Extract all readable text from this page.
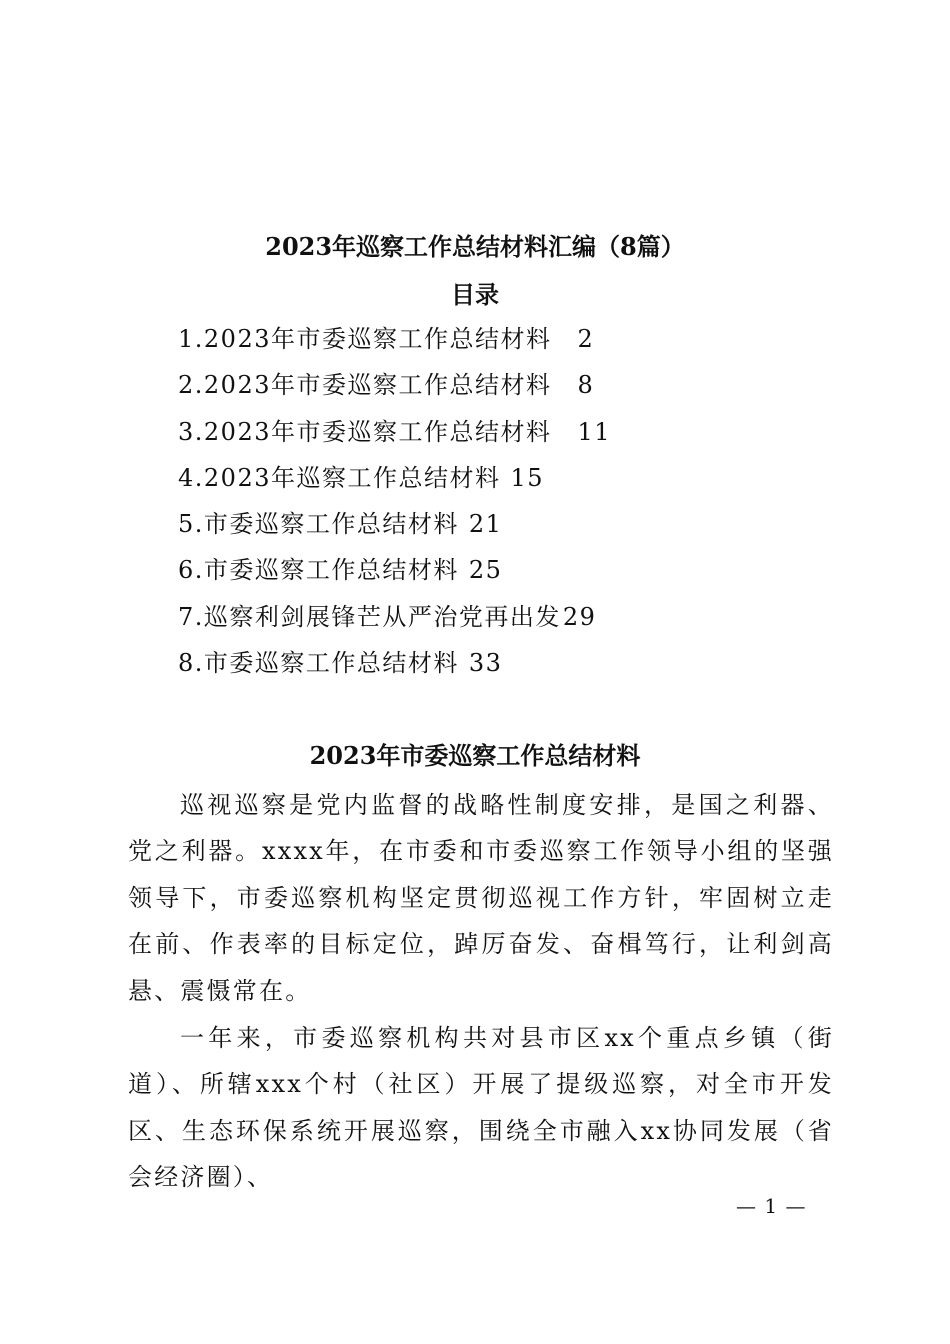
2023年巡察工作总结材料汇编（8篇）
目录
1.2023年市委巡察工作总结材料 2
2.2023年市委巡察工作总结材料 8
3.2023年市委巡察工作总结材料 11
4.2023年巡察工作总结材料 15
5.市委巡察工作总结材料 21
6.市委巡察工作总结材料 25
7.巡察利剑展锋芒从严治党再出发29
8.市委巡察工作总结材料 33
2023年市委巡察工作总结材料

巡视巡察是党内监督的战略性制度安排，是国之利器、党之利器。xxxx年，在市委和市委巡察工作领导小组的坚强领导下，市委巡察机构坚定贯彻巡视工作方针，牢固树立走在前、作表率的目标定位，踔厉奋发、奋楫笃行，让利剑高悬、震慑常在。

一年来，市委巡察机构共对县市区xx个重点乡镇（街道）、所辖xxx个村（社区）开展了提级巡察，对全市开发区、生态环保系统开展巡察，围绕全市融入xx协同发展（省会经济圈）、

— 1 —
